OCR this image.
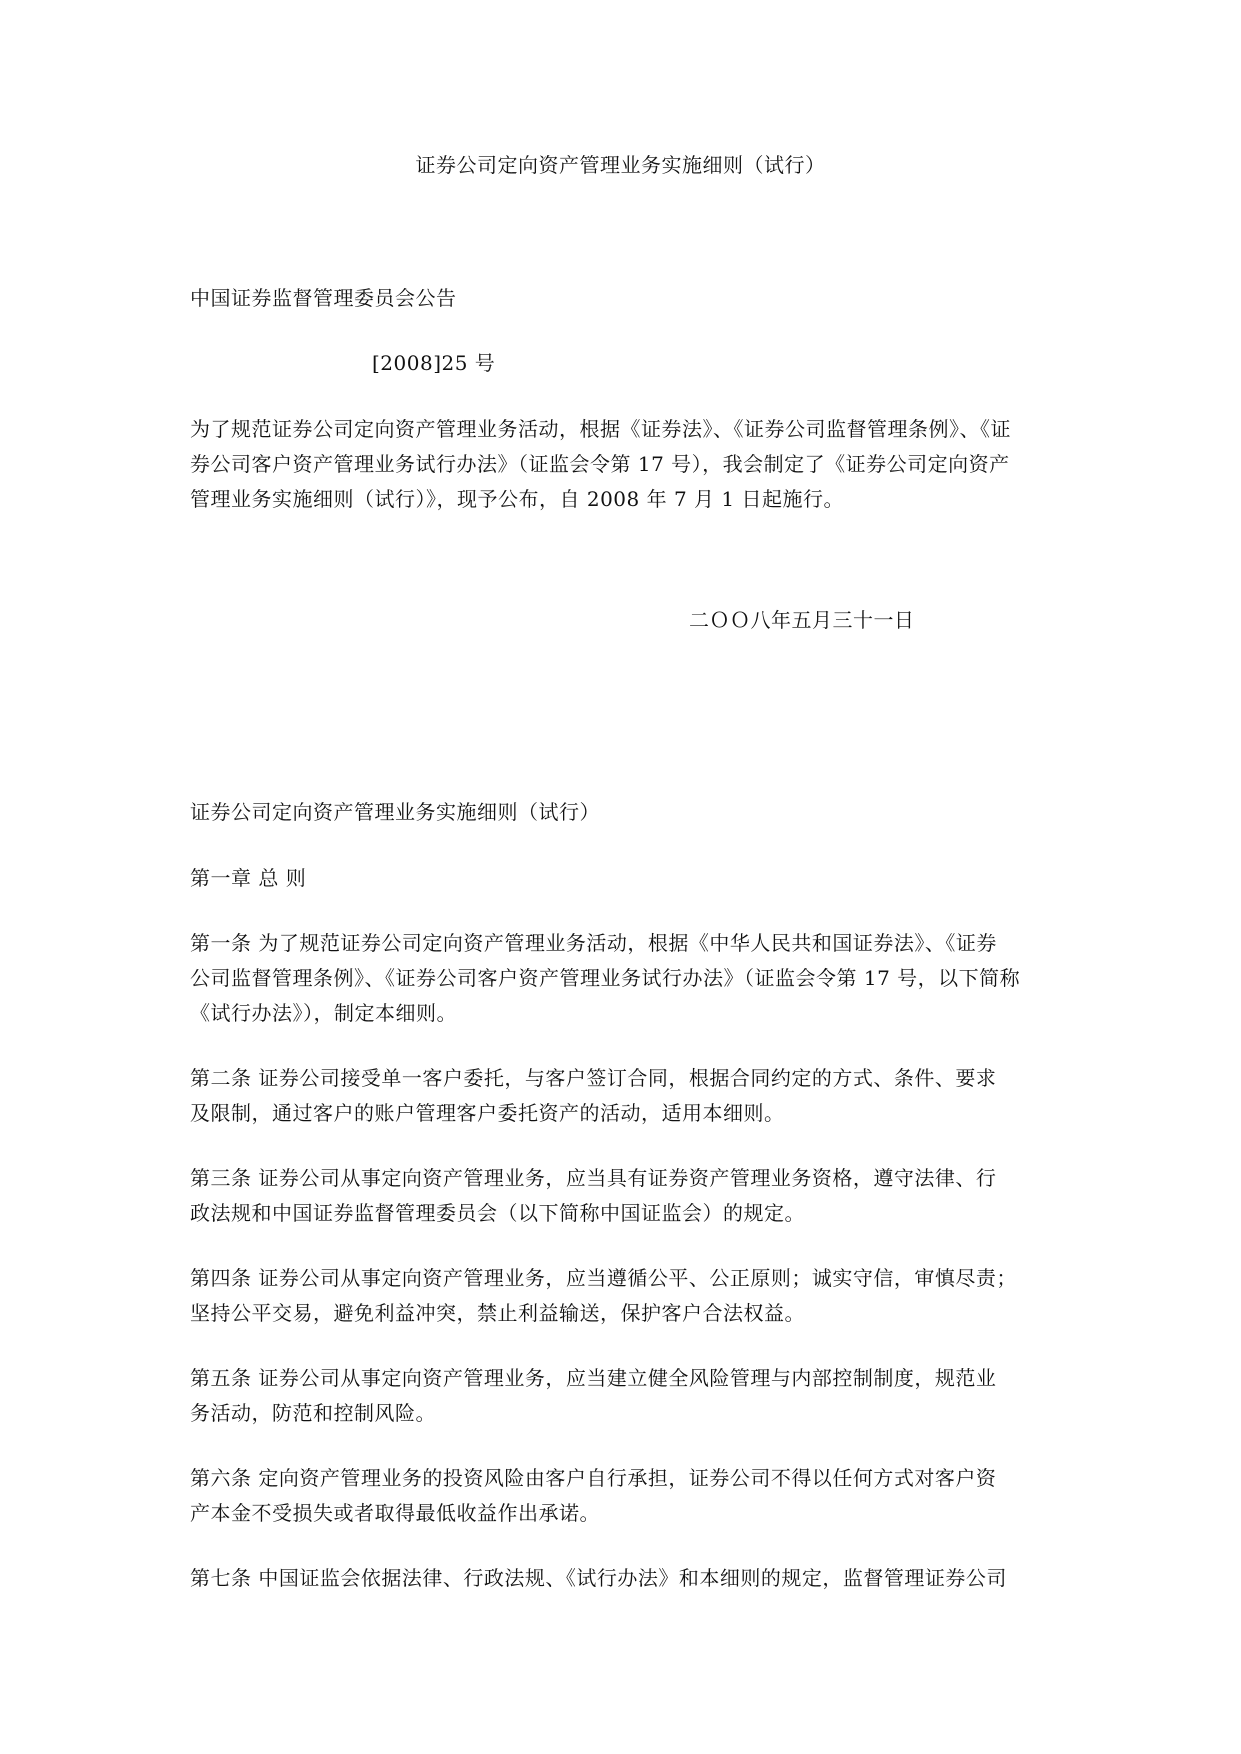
证券公司定向资产管理业务实施细则（试行）
中国证券监督管理委员会公告
[2008]25 号
为了规范证券公司定向资产管理业务活动，根据《证券法》、《证券公司监督管理条例》、《证
券公司客户资产管理业务试行办法》（证监会令第 17 号），我会制定了《证券公司定向资产
管理业务实施细则（试行）》，现予公布，自 2008 年 7 月 1 日起施行。
二ＯＯ八年五月三十一日
证券公司定向资产管理业务实施细则（试行）
第一章 总 则
第一条 为了规范证券公司定向资产管理业务活动，根据《中华人民共和国证券法》、《证券
公司监督管理条例》、《证券公司客户资产管理业务试行办法》（证监会令第 17 号，以下简称
《试行办法》），制定本细则。
第二条 证券公司接受单一客户委托，与客户签订合同，根据合同约定的方式、条件、要求
及限制，通过客户的账户管理客户委托资产的活动，适用本细则。
第三条 证券公司从事定向资产管理业务，应当具有证券资产管理业务资格，遵守法律、行
政法规和中国证券监督管理委员会（以下简称中国证监会）的规定。
第四条 证券公司从事定向资产管理业务，应当遵循公平、公正原则；诚实守信，审慎尽责；
坚持公平交易，避免利益冲突，禁止利益输送，保护客户合法权益。
第五条 证券公司从事定向资产管理业务，应当建立健全风险管理与内部控制制度，规范业
务活动，防范和控制风险。
第六条 定向资产管理业务的投资风险由客户自行承担，证券公司不得以任何方式对客户资
产本金不受损失或者取得最低收益作出承诺。
第七条 中国证监会依据法律、行政法规、《试行办法》和本细则的规定，监督管理证券公司
